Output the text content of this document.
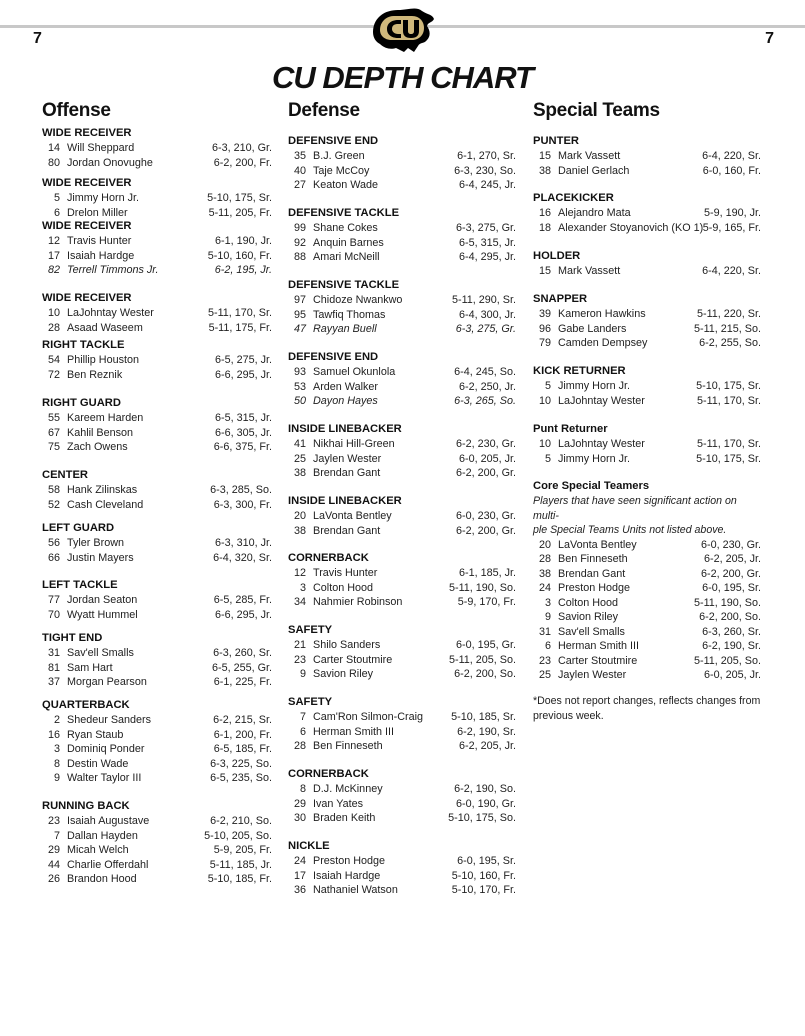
7	7
CU DEPTH CHART
Offense
WIDE RECEIVER
14 Will Sheppard	6-3, 210, Gr.
80 Jordan Onovughe	6-2, 200, Fr.
WIDE RECEIVER
5 Jimmy Horn Jr.	5-10, 175, Sr.
6 Drelon Miller	5-11, 205, Fr.
WIDE RECEIVER
12 Travis Hunter	6-1, 190, Jr.
17 Isaiah Hardge	5-10, 160, Fr.
82 Terrell Timmons Jr.	6-2, 195, Jr.
WIDE RECEIVER
10 LaJohntay Wester	5-11, 170, Sr.
28 Asaad Waseem	5-11, 175, Fr.
RIGHT TACKLE
54 Phillip Houston	6-5, 275, Jr.
72 Ben Reznik	6-6, 295, Jr.
RIGHT GUARD
55 Kareem Harden	6-5, 315, Jr.
67 Kahlil Benson	6-6, 305, Jr.
75 Zach Owens	6-6, 375, Fr.
CENTER
58 Hank Zilinskas	6-3, 285, So.
52 Cash Cleveland	6-3, 300, Fr.
LEFT GUARD
56 Tyler Brown	6-3, 310, Jr.
66 Justin Mayers	6-4, 320, Sr.
LEFT TACKLE
77 Jordan Seaton	6-5, 285, Fr.
70 Wyatt Hummel	6-6, 295, Jr.
TIGHT END
31 Sav'ell Smalls	6-3, 260, Sr.
81 Sam Hart	6-5, 255, Gr.
37 Morgan Pearson	6-1, 225, Fr.
QUARTERBACK
2 Shedeur Sanders	6-2, 215, Sr.
16 Ryan Staub	6-1, 200, Fr.
3 Dominiq Ponder	6-5, 185, Fr.
8 Destin Wade	6-3, 225, So.
9 Walter Taylor III	6-5, 235, So.
RUNNING BACK
23 Isaiah Augustave	6-2, 210, So.
7 Dallan Hayden	5-10, 205, So.
29 Micah Welch	5-9, 205, Fr.
44 Charlie Offerdahl	5-11, 185, Jr.
26 Brandon Hood	5-10, 185, Fr.
Defense
DEFENSIVE END
35 B.J. Green	6-1, 270, Sr.
40 Taje McCoy	6-3, 230, So.
27 Keaton Wade	6-4, 245, Jr.
DEFENSIVE TACKLE
99 Shane Cokes	6-3, 275, Gr.
92 Anquin Barnes	6-5, 315, Jr.
88 Amari McNeill	6-4, 295, Jr.
DEFENSIVE TACKLE
97 Chidoze Nwankwo	5-11, 290, Sr.
95 Tawfiq Thomas	6-4, 300, Jr.
47 Rayyan Buell	6-3, 275, Gr.
DEFENSIVE END
93 Samuel Okunlola	6-4, 245, So.
53 Arden Walker	6-2, 250, Jr.
50 Dayon Hayes	6-3, 265, So.
INSIDE LINEBACKER
41 Nikhai Hill-Green	6-2, 230, Gr.
25 Jaylen Wester	6-0, 205, Jr.
38 Brendan Gant	6-2, 200, Gr.
INSIDE LINEBACKER
20 LaVonta Bentley	6-0, 230, Gr.
38 Brendan Gant	6-2, 200, Gr.
CORNERBACK
12 Travis Hunter	6-1, 185, Jr.
3 Colton Hood	5-11, 190, So.
34 Nahmier Robinson	5-9, 170, Fr.
SAFETY
21 Shilo Sanders	6-0, 195, Gr.
23 Carter Stoutmire	5-11, 205, So.
9 Savion Riley	6-2, 200, So.
SAFETY
7 Cam'Ron Silmon-Craig	5-10, 185, Sr.
6 Herman Smith III	6-2, 190, Sr.
28 Ben Finneseth	6-2, 205, Jr.
CORNERBACK
8 D.J. McKinney	6-2, 190, So.
29 Ivan Yates	6-0, 190, Gr.
30 Braden Keith	5-10, 175, So.
NICKLE
24 Preston Hodge	6-0, 195, Sr.
17 Isaiah Hardge	5-10, 160, Fr.
36 Nathaniel Watson	5-10, 170, Fr.
Special Teams
PUNTER
15 Mark Vassett	6-4, 220, Sr.
38 Daniel Gerlach	6-0, 160, Fr.
PLACEKICKER
16 Alejandro Mata	5-9, 190, Jr.
18 Alexander Stoyanovich (KO 1) 5-9, 165, Fr.
HOLDER
15 Mark Vassett	6-4, 220, Sr.
SNAPPER
39 Kameron Hawkins	5-11, 220, Sr.
96 Gabe Landers	5-11, 215, So.
79 Camden Dempsey	6-2, 255, So.
KICK RETURNER
5 Jimmy Horn Jr.	5-10, 175, Sr.
10 LaJohntay Wester	5-11, 170, Sr.
Punt Returner
10 LaJohntay Wester	5-11, 170, Sr.
5 Jimmy Horn Jr.	5-10, 175, Sr.
Core Special Teamers
Players that have seen significant action on multi-
ple Special Teams Units not listed above.
20 LaVonta Bentley	6-0, 230, Gr.
28 Ben Finneseth	6-2, 205, Jr.
38 Brendan Gant	6-2, 200, Gr.
24 Preston Hodge	6-0, 195, Sr.
3 Colton Hood	5-11, 190, So.
9 Savion Riley	6-2, 200, So.
31 Sav'ell Smalls	6-3, 260, Sr.
6 Herman Smith III	6-2, 190, Sr.
23 Carter Stoutmire	5-11, 205, So.
25 Jaylen Wester	6-0, 205, Jr.
*Does not report changes, reflects changes from
previous week.
